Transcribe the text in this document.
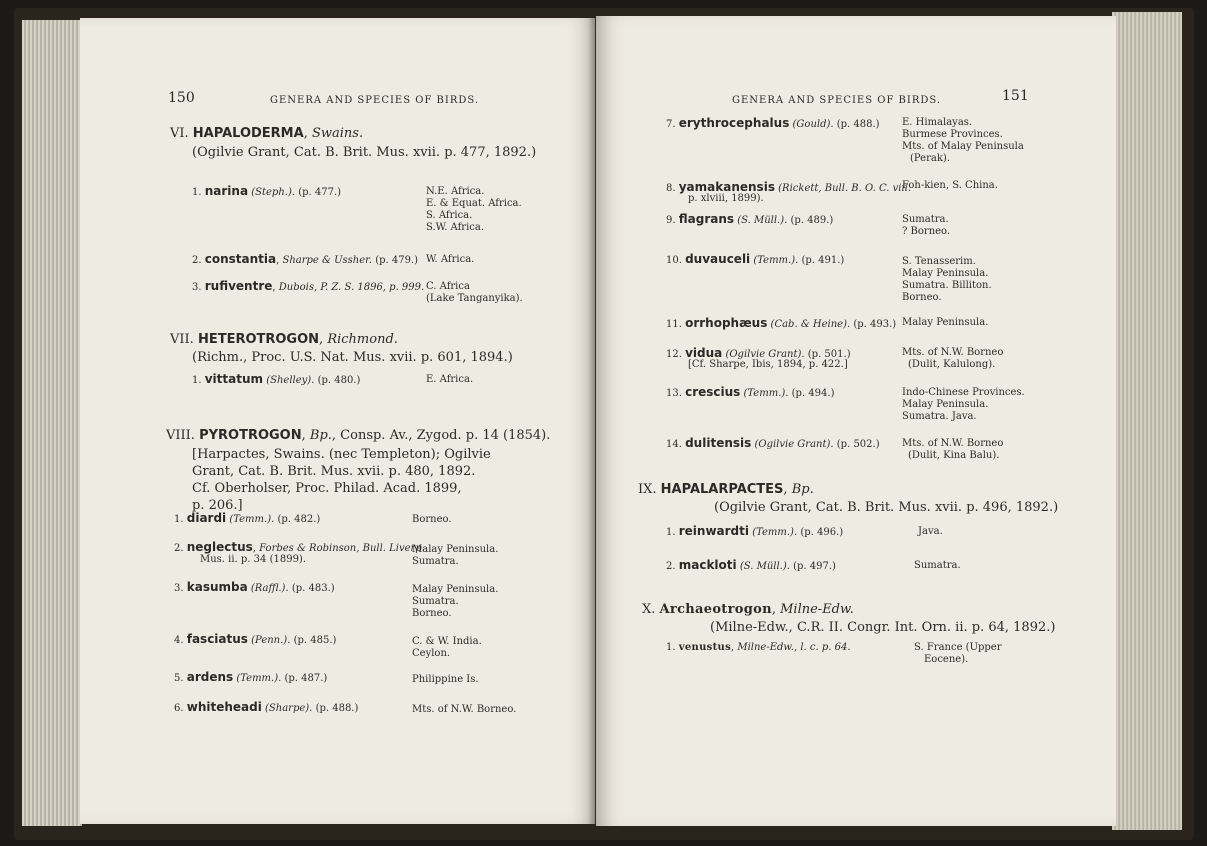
150	GENERA AND SPECIES OF BIRDS.
VI. HAPALODERMA, Swains.
(Ogilvie Grant, Cat. B. Brit. Mus. xvii. p. 477, 1892.)
1. narina (Steph.). (p. 477.)	N.E. Africa.
E. & Equat. Africa.
S. Africa.
S.W. Africa.
2. constantia, Sharpe & Ussher. (p. 479.) W. Africa.
3. rufiventre, Dubois, P. Z. S. 1896, p. 999. C. Africa
(Lake Tanganyika).
VII. HETEROTROGON, Richmond.
(Richm., Proc. U.S. Nat. Mus. xvii. p. 601, 1894.)
1. vittatum (Shelley). (p. 480.)	E. Africa.
VIII. PYROTROGON, Bp., Consp. Av., Zygod. p. 14 (1854).
[Harpactes, Swains. (nec Templeton); Ogilvie
Grant, Cat. B. Brit. Mus. xvii. p. 480, 1892.
Cf. Oberholser, Proc. Philad. Acad. 1899,
p. 206.]
1. diardi (Temm.). (p. 482.)	Borneo.
2. neglectus, Forbes & Robinson, Bull. Liverp.
Mus. ii. p. 34 (1899).
Malay Peninsula.
Sumatra.
3. kasumba (Raffl.). (p. 483.)	Malay Peninsula.
Sumatra.
Borneo.
4. fasciatus (Penn.). (p. 485.)	C. & W. India.
Ceylon.
5. ardens (Temm.). (p. 487.)	Philippine Is.
6. whiteheadi (Sharpe). (p. 488.)	Mts. of N.W. Borneo.
GENERA AND SPECIES OF BIRDS.	151
7. erythrocephalus (Gould). (p. 488.) E. Himalayas.
Burmese Provinces.
Mts. of Malay Peninsula
(Perak).
8. yamakanensis (Rickett, Bull. B. O. C. viii.
p. xlviii, 1899).
Foh-kien, S. China.
9. flagrans (S. Müll.). (p. 489.)	Sumatra.
? Borneo.
10. duvauceli (Temm.). (p. 491.)	S. Tenasserim.
Malay Peninsula.
Sumatra. Billiton.
Borneo.
11. orrhophæus (Cab. & Heine). (p. 493.) Malay Peninsula.
12. vidua (Ogilvie Grant). (p. 501.)
[Cf. Sharpe, Ibis, 1894, p. 422.]
Mts. of N.W. Borneo
(Dulit, Kalulong).
13. crescius (Temm.). (p. 494.)	Indo-Chinese Provinces.
Malay Peninsula.
Sumatra. Java.
14. dulitensis (Ogilvie Grant). (p. 502.) Mts. of N.W. Borneo
(Dulit, Kina Balu).
IX. HAPALARPACTES, Bp.
(Ogilvie Grant, Cat. B. Brit. Mus. xvii. p. 496, 1892.)
1. reinwardti (Temm.). (p. 496.)	Java.
2. mackloti (S. Müll.). (p. 497.)	Sumatra.
X. Archaeotrogon, Milne-Edw.
(Milne-Edw., C.R. II. Congr. Int. Orn. ii. p. 64, 1892.)
1. venustus, Milne-Edw., l. c. p. 64.	S. France (Upper
Eocene).
